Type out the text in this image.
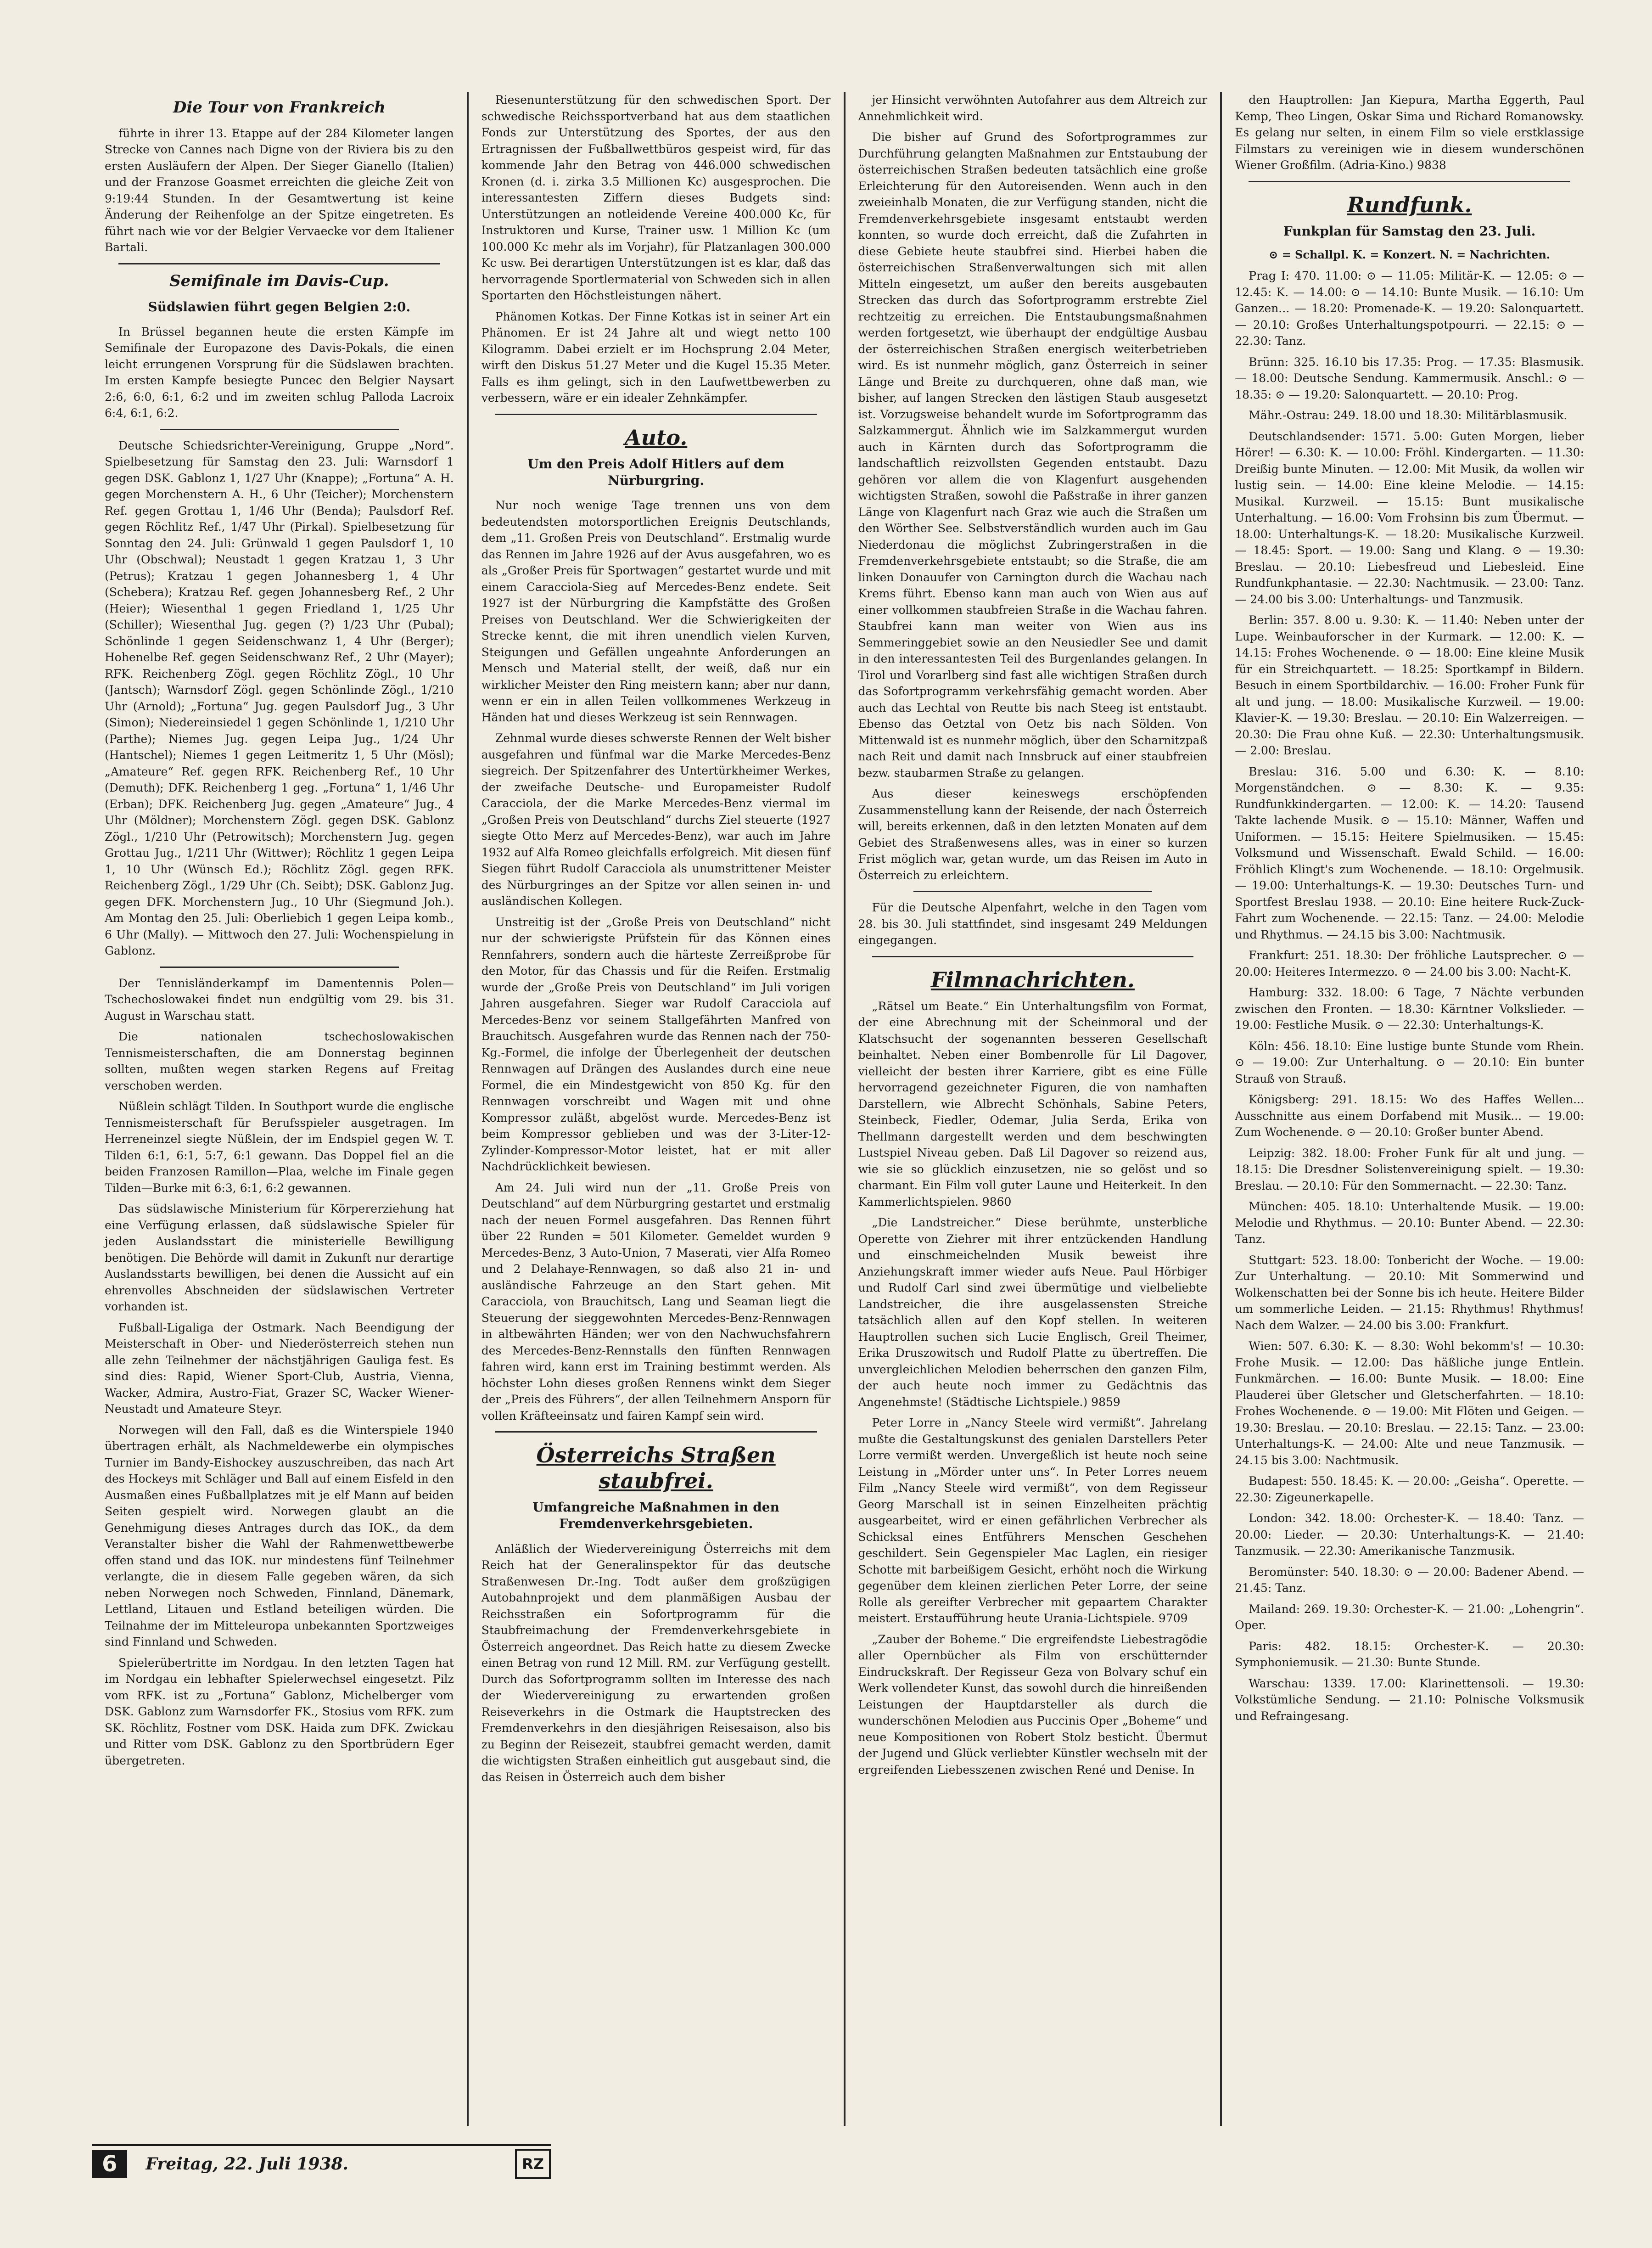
Die Tour von Frankreich

führte in ihrer 13. Etappe auf der 284 Kilometer langen Strecke von Cannes nach Digne von der Riviera bis zu den ersten Ausläufern der Alpen. Der Sieger Gianello (Italien) und der Franzose Goasmet erreichten die gleiche Zeit von 9:19:44 Stunden. In der Gesamtwertung ist keine Änderung der Reihenfolge an der Spitze eingetreten. Es führt nach wie vor der Belgier Vervaecke vor dem Italiener Bartali.

Semifinale im Davis-Cup.
Südslawien führt gegen Belgien 2:0.

In Brüssel begannen heute die ersten Kämpfe im Semifinale der Europazone des Davis-Pokals, die einen leicht errungenen Vorsprung für die Südslawen brachten. Im ersten Kampfe besiegte Puncec den Belgier Naysart 2:6, 6:0, 6:1, 6:2 und im zweiten schlug Palloda Lacroix 6:4, 6:1, 6:2.

Deutsche Schiedsrichter-Vereinigung, Gruppe „Nord“. Spielbesetzung für Samstag den 23. Juli: Warnsdorf 1 gegen DSK. Gablonz 1, 1/27 Uhr (Knappe); „Fortuna“ A. H. gegen Morchenstern A. H., 6 Uhr (Teicher); Morchenstern Ref. gegen Grottau 1, 1/46 Uhr (Benda); Paulsdorf Ref. gegen Röchlitz Ref., 1/47 Uhr (Pirkal). Spielbesetzung für Sonntag den 24. Juli: Grünwald 1 gegen Paulsdorf 1, 10 Uhr (Obschwal); Neustadt 1 gegen Kratzau 1, 3 Uhr (Petrus); Kratzau 1 gegen Johannesberg 1, 4 Uhr (Schebera); Kratzau Ref. gegen Johannesberg Ref., 2 Uhr (Heier); Wiesenthal 1 gegen Friedland 1, 1/25 Uhr (Schiller); Wiesenthal Jug. gegen (?) 1/23 Uhr (Pubal); Schönlinde 1 gegen Seidenschwanz 1, 4 Uhr (Berger); Hohenelbe Ref. gegen Seidenschwanz Ref., 2 Uhr (Mayer); RFK. Reichenberg Zögl. gegen Röchlitz Zögl., 10 Uhr (Jantsch); Warnsdorf Zögl. gegen Schönlinde Zögl., 1/210 Uhr (Arnold); „Fortuna“ Jug. gegen Paulsdorf Jug., 3 Uhr (Simon); Niedereinsiedel 1 gegen Schönlinde 1, 1/210 Uhr (Parthe); Niemes Jug. gegen Leipa Jug., 1/24 Uhr (Hantschel); Niemes 1 gegen Leitmeritz 1, 5 Uhr (Mösl); „Amateure“ Ref. gegen RFK. Reichenberg Ref., 10 Uhr (Demuth); DFK. Reichenberg 1 geg. „Fortuna“ 1, 1/46 Uhr (Erban); DFK. Reichenberg Jug. gegen „Amateure“ Jug., 4 Uhr (Möldner); Morchenstern Zögl. gegen DSK. Gablonz Zögl., 1/210 Uhr (Petrowitsch); Morchenstern Jug. gegen Grottau Jug., 1/211 Uhr (Wittwer); Röchlitz 1 gegen Leipa 1, 10 Uhr (Wünsch Ed.); Röchlitz Zögl. gegen RFK. Reichenberg Zögl., 1/29 Uhr (Ch. Seibt); DSK. Gablonz Jug. gegen DFK. Morchenstern Jug., 10 Uhr (Siegmund Joh.). Am Montag den 25. Juli: Oberliebich 1 gegen Leipa komb., 6 Uhr (Mally). — Mittwoch den 27. Juli: Wochenspielung in Gablonz.

Der Tennisländerkampf im Damentennis Polen—Tschechoslowakei findet nun endgültig vom 29. bis 31. August in Warschau statt.

Die nationalen tschechoslowakischen Tennismeisterschaften, die am Donnerstag beginnen sollten, mußten wegen starken Regens auf Freitag verschoben werden.

Nüßlein schlägt Tilden. In Southport wurde die englische Tennismeisterschaft für Berufsspieler ausgetragen. Im Herreneinzel siegte Nüßlein, der im Endspiel gegen W. T. Tilden 6:1, 6:1, 5:7, 6:1 gewann. Das Doppel fiel an die beiden Franzosen Ramillon—Plaa, welche im Finale gegen Tilden—Burke mit 6:3, 6:1, 6:2 gewannen.

Das südslawische Ministerium für Körpererziehung hat eine Verfügung erlassen, daß südslawische Spieler für jeden Auslandsstart die ministerielle Bewilligung benötigen. Die Behörde will damit in Zukunft nur derartige Auslandsstarts bewilligen, bei denen die Aussicht auf ein ehrenvolles Abschneiden der südslawischen Vertreter vorhanden ist.

Fußball-Ligaliga der Ostmark. Nach Beendigung der Meisterschaft in Ober- und Niederösterreich stehen nun alle zehn Teilnehmer der nächstjährigen Gauliga fest. Es sind dies: Rapid, Wiener Sport-Club, Austria, Vienna, Wacker, Admira, Austro-Fiat, Grazer SC, Wacker Wiener-Neustadt und Amateure Steyr.

Norwegen will den Fall, daß es die Winterspiele 1940 übertragen erhält, als Nachmeldewerbe ein olympisches Turnier im Bandy-Eishockey auszuschreiben, das nach Art des Hockeys mit Schläger und Ball auf einem Eisfeld in den Ausmaßen eines Fußballplatzes mit je elf Mann auf beiden Seiten gespielt wird. Norwegen glaubt an die Genehmigung dieses Antrages durch das IOK., da dem Veranstalter bisher die Wahl der Rahmenwettbewerbe offen stand und das IOK. nur mindestens fünf Teilnehmer verlangte, die in diesem Falle gegeben wären, da sich neben Norwegen noch Schweden, Finnland, Dänemark, Lettland, Litauen und Estland beteiligen würden. Die Teilnahme der im Mitteleuropa unbekannten Sportzweiges sind Finnland und Schweden.

Spielerübertritte im Nordgau. In den letzten Tagen hat im Nordgau ein lebhafter Spielerwechsel eingesetzt. Pilz vom RFK. ist zu „Fortuna“ Gablonz, Michelberger vom DSK. Gablonz zum Warnsdorfer FK., Stosius vom RFK. zum SK. Röchlitz, Fostner vom DSK. Haida zum DFK. Zwickau und Ritter vom DSK. Gablonz zu den Sportbrüdern Eger übergetreten.

Riesenunterstützung für den schwedischen Sport. Der schwedische Reichssportverband hat aus dem staatlichen Fonds zur Unterstützung des Sportes, der aus den Ertragnissen der Fußballwettbüros gespeist wird, für das kommende Jahr den Betrag von 446.000 schwedischen Kronen (d. i. zirka 3.5 Millionen Kc) ausgesprochen. Die interessantesten Ziffern dieses Budgets sind: Unterstützungen an notleidende Vereine 400.000 Kc, für Instruktoren und Kurse, Trainer usw. 1 Million Kc (um 100.000 Kc mehr als im Vorjahr), für Platzanlagen 300.000 Kc usw. Bei derartigen Unterstützungen ist es klar, daß das hervorragende Sportlermaterial von Schweden sich in allen Sportarten den Höchstleistungen nähert.

Phänomen Kotkas. Der Finne Kotkas ist in seiner Art ein Phänomen. Er ist 24 Jahre alt und wiegt netto 100 Kilogramm. Dabei erzielt er im Hochsprung 2.04 Meter, wirft den Diskus 51.27 Meter und die Kugel 15.35 Meter. Falls es ihm gelingt, sich in den Laufwettbewerben zu verbessern, wäre er ein idealer Zehnkämpfer.

Auto.
Um den Preis Adolf Hitlers auf dem Nürburgring.

Nur noch wenige Tage trennen uns von dem bedeutendsten motorsportlichen Ereignis Deutschlands, dem „11. Großen Preis von Deutschland“. Erstmalig wurde das Rennen im Jahre 1926 auf der Avus ausgefahren, wo es als „Großer Preis für Sportwagen“ gestartet wurde und mit einem Caracciola-Sieg auf Mercedes-Benz endete. Seit 1927 ist der Nürburgring die Kampfstätte des Großen Preises von Deutschland. Wer die Schwierigkeiten der Strecke kennt, die mit ihren unendlich vielen Kurven, Steigungen und Gefällen ungeahnte Anforderungen an Mensch und Material stellt, der weiß, daß nur ein wirklicher Meister den Ring meistern kann; aber nur dann, wenn er ein in allen Teilen vollkommenes Werkzeug in Händen hat und dieses Werkzeug ist sein Rennwagen.

Zehnmal wurde dieses schwerste Rennen der Welt bisher ausgefahren und fünfmal war die Marke Mercedes-Benz siegreich. Der Spitzenfahrer des Untertürkheimer Werkes, der zweifache Deutsche- und Europameister Rudolf Caracciola, der die Marke Mercedes-Benz viermal im „Großen Preis von Deutschland“ durchs Ziel steuerte (1927 siegte Otto Merz auf Mercedes-Benz), war auch im Jahre 1932 auf Alfa Romeo gleichfalls erfolgreich. Mit diesen fünf Siegen führt Rudolf Caracciola als unumstrittener Meister des Nürburgringes an der Spitze vor allen seinen in- und ausländischen Kollegen.

Unstreitig ist der „Große Preis von Deutschland“ nicht nur der schwierigste Prüfstein für das Können eines Rennfahrers, sondern auch die härteste Zerreißprobe für den Motor, für das Chassis und für die Reifen. Erstmalig wurde der „Große Preis von Deutschland“ im Juli vorigen Jahren ausgefahren. Sieger war Rudolf Caracciola auf Mercedes-Benz vor seinem Stallgefährten Manfred von Brauchitsch. Ausgefahren wurde das Rennen nach der 750-Kg.-Formel, die infolge der Überlegenheit der deutschen Rennwagen auf Drängen des Auslandes durch eine neue Formel, die ein Mindestgewicht von 850 Kg. für den Rennwagen vorschreibt und Wagen mit und ohne Kompressor zuläßt, abgelöst wurde. Mercedes-Benz ist beim Kompressor geblieben und was der 3-Liter-12-Zylinder-Kompressor-Motor leistet, hat er mit aller Nachdrücklichkeit bewiesen.

Am 24. Juli wird nun der „11. Große Preis von Deutschland“ auf dem Nürburgring gestartet und erstmalig nach der neuen Formel ausgefahren. Das Rennen führt über 22 Runden = 501 Kilometer. Gemeldet wurden 9 Mercedes-Benz, 3 Auto-Union, 7 Maserati, vier Alfa Romeo und 2 Delahaye-Rennwagen, so daß also 21 in- und ausländische Fahrzeuge an den Start gehen. Mit Caracciola, von Brauchitsch, Lang und Seaman liegt die Steuerung der sieggewohnten Mercedes-Benz-Rennwagen in altbewährten Händen; wer von den Nachwuchsfahrern des Mercedes-Benz-Rennstalls den fünften Rennwagen fahren wird, kann erst im Training bestimmt werden. Als höchster Lohn dieses großen Rennens winkt dem Sieger der „Preis des Führers“, der allen Teilnehmern Ansporn für vollen Kräfteeinsatz und fairen Kampf sein wird.

Österreichs Straßen staubfrei.
Umfangreiche Maßnahmen in den Fremdenverkehrsgebieten.

Anläßlich der Wiedervereinigung Österreichs mit dem Reich hat der Generalinspektor für das deutsche Straßenwesen Dr.-Ing. Todt außer dem großzügigen Autobahnprojekt und dem planmäßigen Ausbau der Reichsstraßen ein Sofortprogramm für die Staubfreimachung der Fremdenverkehrsgebiete in Österreich angeordnet. Das Reich hatte zu diesem Zwecke einen Betrag von rund 12 Mill. RM. zur Verfügung gestellt. Durch das Sofortprogramm sollten im Interesse des nach der Wiedervereinigung zu erwartenden großen Reiseverkehrs in die Ostmark die Hauptstrecken des Fremdenverkehrs in den diesjährigen Reisesaison, also bis zu Beginn der Reisezeit, staubfrei gemacht werden, damit die wichtigsten Straßen einheitlich gut ausgebaut sind, die das Reisen in Österreich auch dem bisher

jer Hinsicht verwöhnten Autofahrer aus dem Altreich zur Annehmlichkeit wird.

Die bisher auf Grund des Sofortprogrammes zur Durchführung gelangten Maßnahmen zur Entstaubung der österreichischen Straßen bedeuten tatsächlich eine große Erleichterung für den Autoreisenden. Wenn auch in den zweieinhalb Monaten, die zur Verfügung standen, nicht die Fremdenverkehrsgebiete insgesamt entstaubt werden konnten, so wurde doch erreicht, daß die Zufahrten in diese Gebiete heute staubfrei sind. Hierbei haben die österreichischen Straßenverwaltungen sich mit allen Mitteln eingesetzt, um außer den bereits ausgebauten Strecken das durch das Sofortprogramm erstrebte Ziel rechtzeitig zu erreichen. Die Entstaubungsmaßnahmen werden fortgesetzt, wie überhaupt der endgültige Ausbau der österreichischen Straßen energisch weiterbetrieben wird. Es ist nunmehr möglich, ganz Österreich in seiner Länge und Breite zu durchqueren, ohne daß man, wie bisher, auf langen Strecken den lästigen Staub ausgesetzt ist. Vorzugsweise behandelt wurde im Sofortprogramm das Salzkammergut. Ähnlich wie im Salzkammergut wurden auch in Kärnten durch das Sofortprogramm die landschaftlich reizvollsten Gegenden entstaubt. Dazu gehören vor allem die von Klagenfurt ausgehenden wichtigsten Straßen, sowohl die Paßstraße in ihrer ganzen Länge von Klagenfurt nach Graz wie auch die Straßen um den Wörther See. Selbstverständlich wurden auch im Gau Niederdonau die möglichst Zubringerstraßen in die Fremdenverkehrsgebiete entstaubt; so die Straße, die am linken Donauufer von Carnington durch die Wachau nach Krems führt. Ebenso kann man auch von Wien aus auf einer vollkommen staubfreien Straße in die Wachau fahren. Staubfrei kann man weiter von Wien aus ins Semmeringgebiet sowie an den Neusiedler See und damit in den interessantesten Teil des Burgenlandes gelangen. In Tirol und Vorarlberg sind fast alle wichtigen Straßen durch das Sofortprogramm verkehrsfähig gemacht worden. Aber auch das Lechtal von Reutte bis nach Steeg ist entstaubt. Ebenso das Oetztal von Oetz bis nach Sölden. Von Mittenwald ist es nunmehr möglich, über den Scharnitzpaß nach Reit und damit nach Innsbruck auf einer staubfreien bezw. staubarmen Straße zu gelangen.

Aus dieser keineswegs erschöpfenden Zusammenstellung kann der Reisende, der nach Österreich will, bereits erkennen, daß in den letzten Monaten auf dem Gebiet des Straßenwesens alles, was in einer so kurzen Frist möglich war, getan wurde, um das Reisen im Auto in Österreich zu erleichtern.

Für die Deutsche Alpenfahrt, welche in den Tagen vom 28. bis 30. Juli stattfindet, sind insgesamt 249 Meldungen eingegangen.

Filmnachrichten.

„Rätsel um Beate.“ Ein Unterhaltungsfilm von Format, der eine Abrechnung mit der Scheinmoral und der Klatschsucht der sogenannten besseren Gesellschaft beinhaltet. Neben einer Bombenrolle für Lil Dagover, vielleicht der besten ihrer Karriere, gibt es eine Fülle hervorragend gezeichneter Figuren, die von namhaften Darstellern, wie Albrecht Schönhals, Sabine Peters, Steinbeck, Fiedler, Odemar, Julia Serda, Erika von Thellmann dargestellt werden und dem beschwingten Lustspiel Niveau geben. Daß Lil Dagover so reizend aus, wie sie so glücklich einzusetzen, nie so gelöst und so charmant. Ein Film voll guter Laune und Heiterkeit. In den Kammerlichtspielen. 9860

„Die Landstreicher.“ Diese berühmte, unsterbliche Operette von Ziehrer mit ihrer entzückenden Handlung und einschmeichelnden Musik beweist ihre Anziehungskraft immer wieder aufs Neue. Paul Hörbiger und Rudolf Carl sind zwei übermütige und vielbeliebte Landstreicher, die ihre ausgelassensten Streiche tatsächlich allen auf den Kopf stellen. In weiteren Hauptrollen suchen sich Lucie Englisch, Greil Theimer, Erika Druszowitsch und Rudolf Platte zu übertreffen. Die unvergleichlichen Melodien beherrschen den ganzen Film, der auch heute noch immer zu Gedächtnis das Angenehmste! (Städtische Lichtspiele.) 9859

Peter Lorre in „Nancy Steele wird vermißt“. Jahrelang mußte die Gestaltungskunst des genialen Darstellers Peter Lorre vermißt werden. Unvergeßlich ist heute noch seine Leistung in „Mörder unter uns“. In Peter Lorres neuem Film „Nancy Steele wird vermißt“, von dem Regisseur Georg Marschall ist in seinen Einzelheiten prächtig ausgearbeitet, wird er einen gefährlichen Verbrecher als Schicksal eines Entführers Menschen Geschehen geschildert. Sein Gegenspieler Mac Laglen, ein riesiger Schotte mit barbeißigem Gesicht, erhöht noch die Wirkung gegenüber dem kleinen zierlichen Peter Lorre, der seine Rolle als gereifter Verbrecher mit gepaartem Charakter meistert. Erstaufführung heute Urania-Lichtspiele. 9709

„Zauber der Boheme.“ Die ergreifendste Liebestragödie aller Opernbücher als Film von erschütternder Eindruckskraft. Der Regisseur Geza von Bolvary schuf ein Werk vollendeter Kunst, das sowohl durch die hinreißenden Leistungen der Hauptdarsteller als durch die wunderschönen Melodien aus Puccinis Oper „Boheme“ und neue Kompositionen von Robert Stolz besticht. Übermut der Jugend und Glück verliebter Künstler wechseln mit der ergreifenden Liebesszenen zwischen René und Denise. In

den Hauptrollen: Jan Kiepura, Martha Eggerth, Paul Kemp, Theo Lingen, Oskar Sima und Richard Romanowsky. Es gelang nur selten, in einem Film so viele erstklassige Filmstars zu vereinigen wie in diesem wunderschönen Wiener Großfilm. (Adria-Kino.) 9838

Rundfunk.
Funkplan für Samstag den 23. Juli.
⊙ = Schallpl. K. = Konzert. N. = Nachrichten.

Prag I: 470. 11.00: ⊙ — 11.05: Militär-K. — 12.05: ⊙ — 12.45: K. — 14.00: ⊙ — 14.10: Bunte Musik. — 16.10: Um Ganzen... — 18.20: Promenade-K. — 19.20: Salonquartett. — 20.10: Großes Unterhaltungspotpourri. — 22.15: ⊙ — 22.30: Tanz.

Brünn: 325. 16.10 bis 17.35: Prog. — 17.35: Blasmusik. — 18.00: Deutsche Sendung. Kammermusik. Anschl.: ⊙ — 18.35: ⊙ — 19.20: Salonquartett. — 20.10: Prog.

Mähr.-Ostrau: 249. 18.00 und 18.30: Militärblasmusik.

Deutschlandsender: 1571. 5.00: Guten Morgen, lieber Hörer! — 6.30: K. — 10.00: Fröhl. Kindergarten. — 11.30: Dreißig bunte Minuten. — 12.00: Mit Musik, da wollen wir lustig sein. — 14.00: Eine kleine Melodie. — 14.15: Musikal. Kurzweil. — 15.15: Bunt musikalische Unterhaltung. — 16.00: Vom Frohsinn bis zum Übermut. — 18.00: Unterhaltungs-K. — 18.20: Musikalische Kurzweil. — 18.45: Sport. — 19.00: Sang und Klang. ⊙ — 19.30: Breslau. — 20.10: Liebesfreud und Liebesleid. Eine Rundfunkphantasie. — 22.30: Nachtmusik. — 23.00: Tanz. — 24.00 bis 3.00: Unterhaltungs- und Tanzmusik.

Berlin: 357. 8.00 u. 9.30: K. — 11.40: Neben unter der Lupe. Weinbauforscher in der Kurmark. — 12.00: K. — 14.15: Frohes Wochenende. ⊙ — 18.00: Eine kleine Musik für ein Streichquartett. — 18.25: Sportkampf in Bildern. Besuch in einem Sportbildarchiv. — 16.00: Froher Funk für alt und jung. — 18.00: Musikalische Kurzweil. — 19.00: Klavier-K. — 19.30: Breslau. — 20.10: Ein Walzerreigen. — 20.30: Die Frau ohne Kuß. — 22.30: Unterhaltungsmusik. — 2.00: Breslau.

Breslau: 316. 5.00 und 6.30: K. — 8.10: Morgenständchen. ⊙ — 8.30: K. — 9.35: Rundfunkkindergarten. — 12.00: K. — 14.20: Tausend Takte lachende Musik. ⊙ — 15.10: Männer, Waffen und Uniformen. — 15.15: Heitere Spielmusiken. — 15.45: Volksmund und Wissenschaft. Ewald Schild. — 16.00: Fröhlich Klingt's zum Wochenende. — 18.10: Orgelmusik. — 19.00: Unterhaltungs-K. — 19.30: Deutsches Turn- und Sportfest Breslau 1938. — 20.10: Eine heitere Ruck-Zuck-Fahrt zum Wochenende. — 22.15: Tanz. — 24.00: Melodie und Rhythmus. — 24.15 bis 3.00: Nachtmusik.

Frankfurt: 251. 18.30: Der fröhliche Lautsprecher. ⊙ — 20.00: Heiteres Intermezzo. ⊙ — 24.00 bis 3.00: Nacht-K.

Hamburg: 332. 18.00: 6 Tage, 7 Nächte verbunden zwischen den Fronten. — 18.30: Kärntner Volkslieder. — 19.00: Festliche Musik. ⊙ — 22.30: Unterhaltungs-K.

Köln: 456. 18.10: Eine lustige bunte Stunde vom Rhein. ⊙ — 19.00: Zur Unterhaltung. ⊙ — 20.10: Ein bunter Strauß von Strauß.

Königsberg: 291. 18.15: Wo des Haffes Wellen... Ausschnitte aus einem Dorfabend mit Musik... — 19.00: Zum Wochenende. ⊙ — 20.10: Großer bunter Abend.

Leipzig: 382. 18.00: Froher Funk für alt und jung. — 18.15: Die Dresdner Solistenvereinigung spielt. — 19.30: Breslau. — 20.10: Für den Sommernacht. — 22.30: Tanz.

München: 405. 18.10: Unterhaltende Musik. — 19.00: Melodie und Rhythmus. — 20.10: Bunter Abend. — 22.30: Tanz.

Stuttgart: 523. 18.00: Tonbericht der Woche. — 19.00: Zur Unterhaltung. — 20.10: Mit Sommerwind und Wolkenschatten bei der Sonne bis ich heute. Heitere Bilder um sommerliche Leiden. — 21.15: Rhythmus! Rhythmus! Nach dem Walzer. — 24.00 bis 3.00: Frankfurt.

Wien: 507. 6.30: K. — 8.30: Wohl bekomm's! — 10.30: Frohe Musik. — 12.00: Das häßliche junge Entlein. Funkmärchen. — 16.00: Bunte Musik. — 18.00: Eine Plauderei über Gletscher und Gletscherfahrten. — 18.10: Frohes Wochenende. ⊙ — 19.00: Mit Flöten und Geigen. — 19.30: Breslau. — 20.10: Breslau. — 22.15: Tanz. — 23.00: Unterhaltungs-K. — 24.00: Alte und neue Tanzmusik. — 24.15 bis 3.00: Nachtmusik.

Budapest: 550. 18.45: K. — 20.00: „Geisha“. Operette. — 22.30: Zigeunerkapelle.

London: 342. 18.00: Orchester-K. — 18.40: Tanz. — 20.00: Lieder. — 20.30: Unterhaltungs-K. — 21.40: Tanzmusik. — 22.30: Amerikanische Tanzmusik.

Beromünster: 540. 18.30: ⊙ — 20.00: Badener Abend. — 21.45: Tanz.

Mailand: 269. 19.30: Orchester-K. — 21.00: „Lohengrin“. Oper.

Paris: 482. 18.15: Orchester-K. — 20.30: Symphoniemusik. — 21.30: Bunte Stunde.

Warschau: 1339. 17.00: Klarinettensoli. — 19.30: Volkstümliche Sendung. — 21.10: Polnische Volksmusik und Refraingesang.

6	Freitag, 22. Juli 1938.	RZ
